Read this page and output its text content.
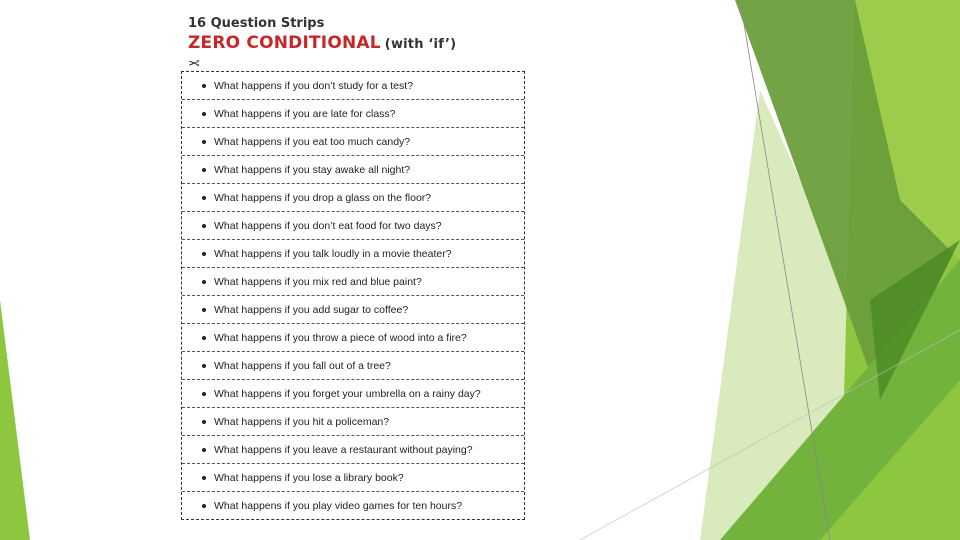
16 Question Strips
ZERO CONDITIONAL (with ‘if’)
✂
What happens if you don’t study for a test?
What happens if you are late for class?
What happens if you eat too much candy?
What happens if you stay awake all night?
What happens if you drop a glass on the floor?
What happens if you don’t eat food for two days?
What happens if you talk loudly in a movie theater?
What happens if you mix red and blue paint?
What happens if you add sugar to coffee?
What happens if you throw a piece of wood into a fire?
What happens if you fall out of a tree?
What happens if you forget your umbrella on a rainy day?
What happens if you hit a policeman?
What happens if you leave a restaurant without paying?
What happens if you lose a library book?
What happens if you play video games for ten hours?
